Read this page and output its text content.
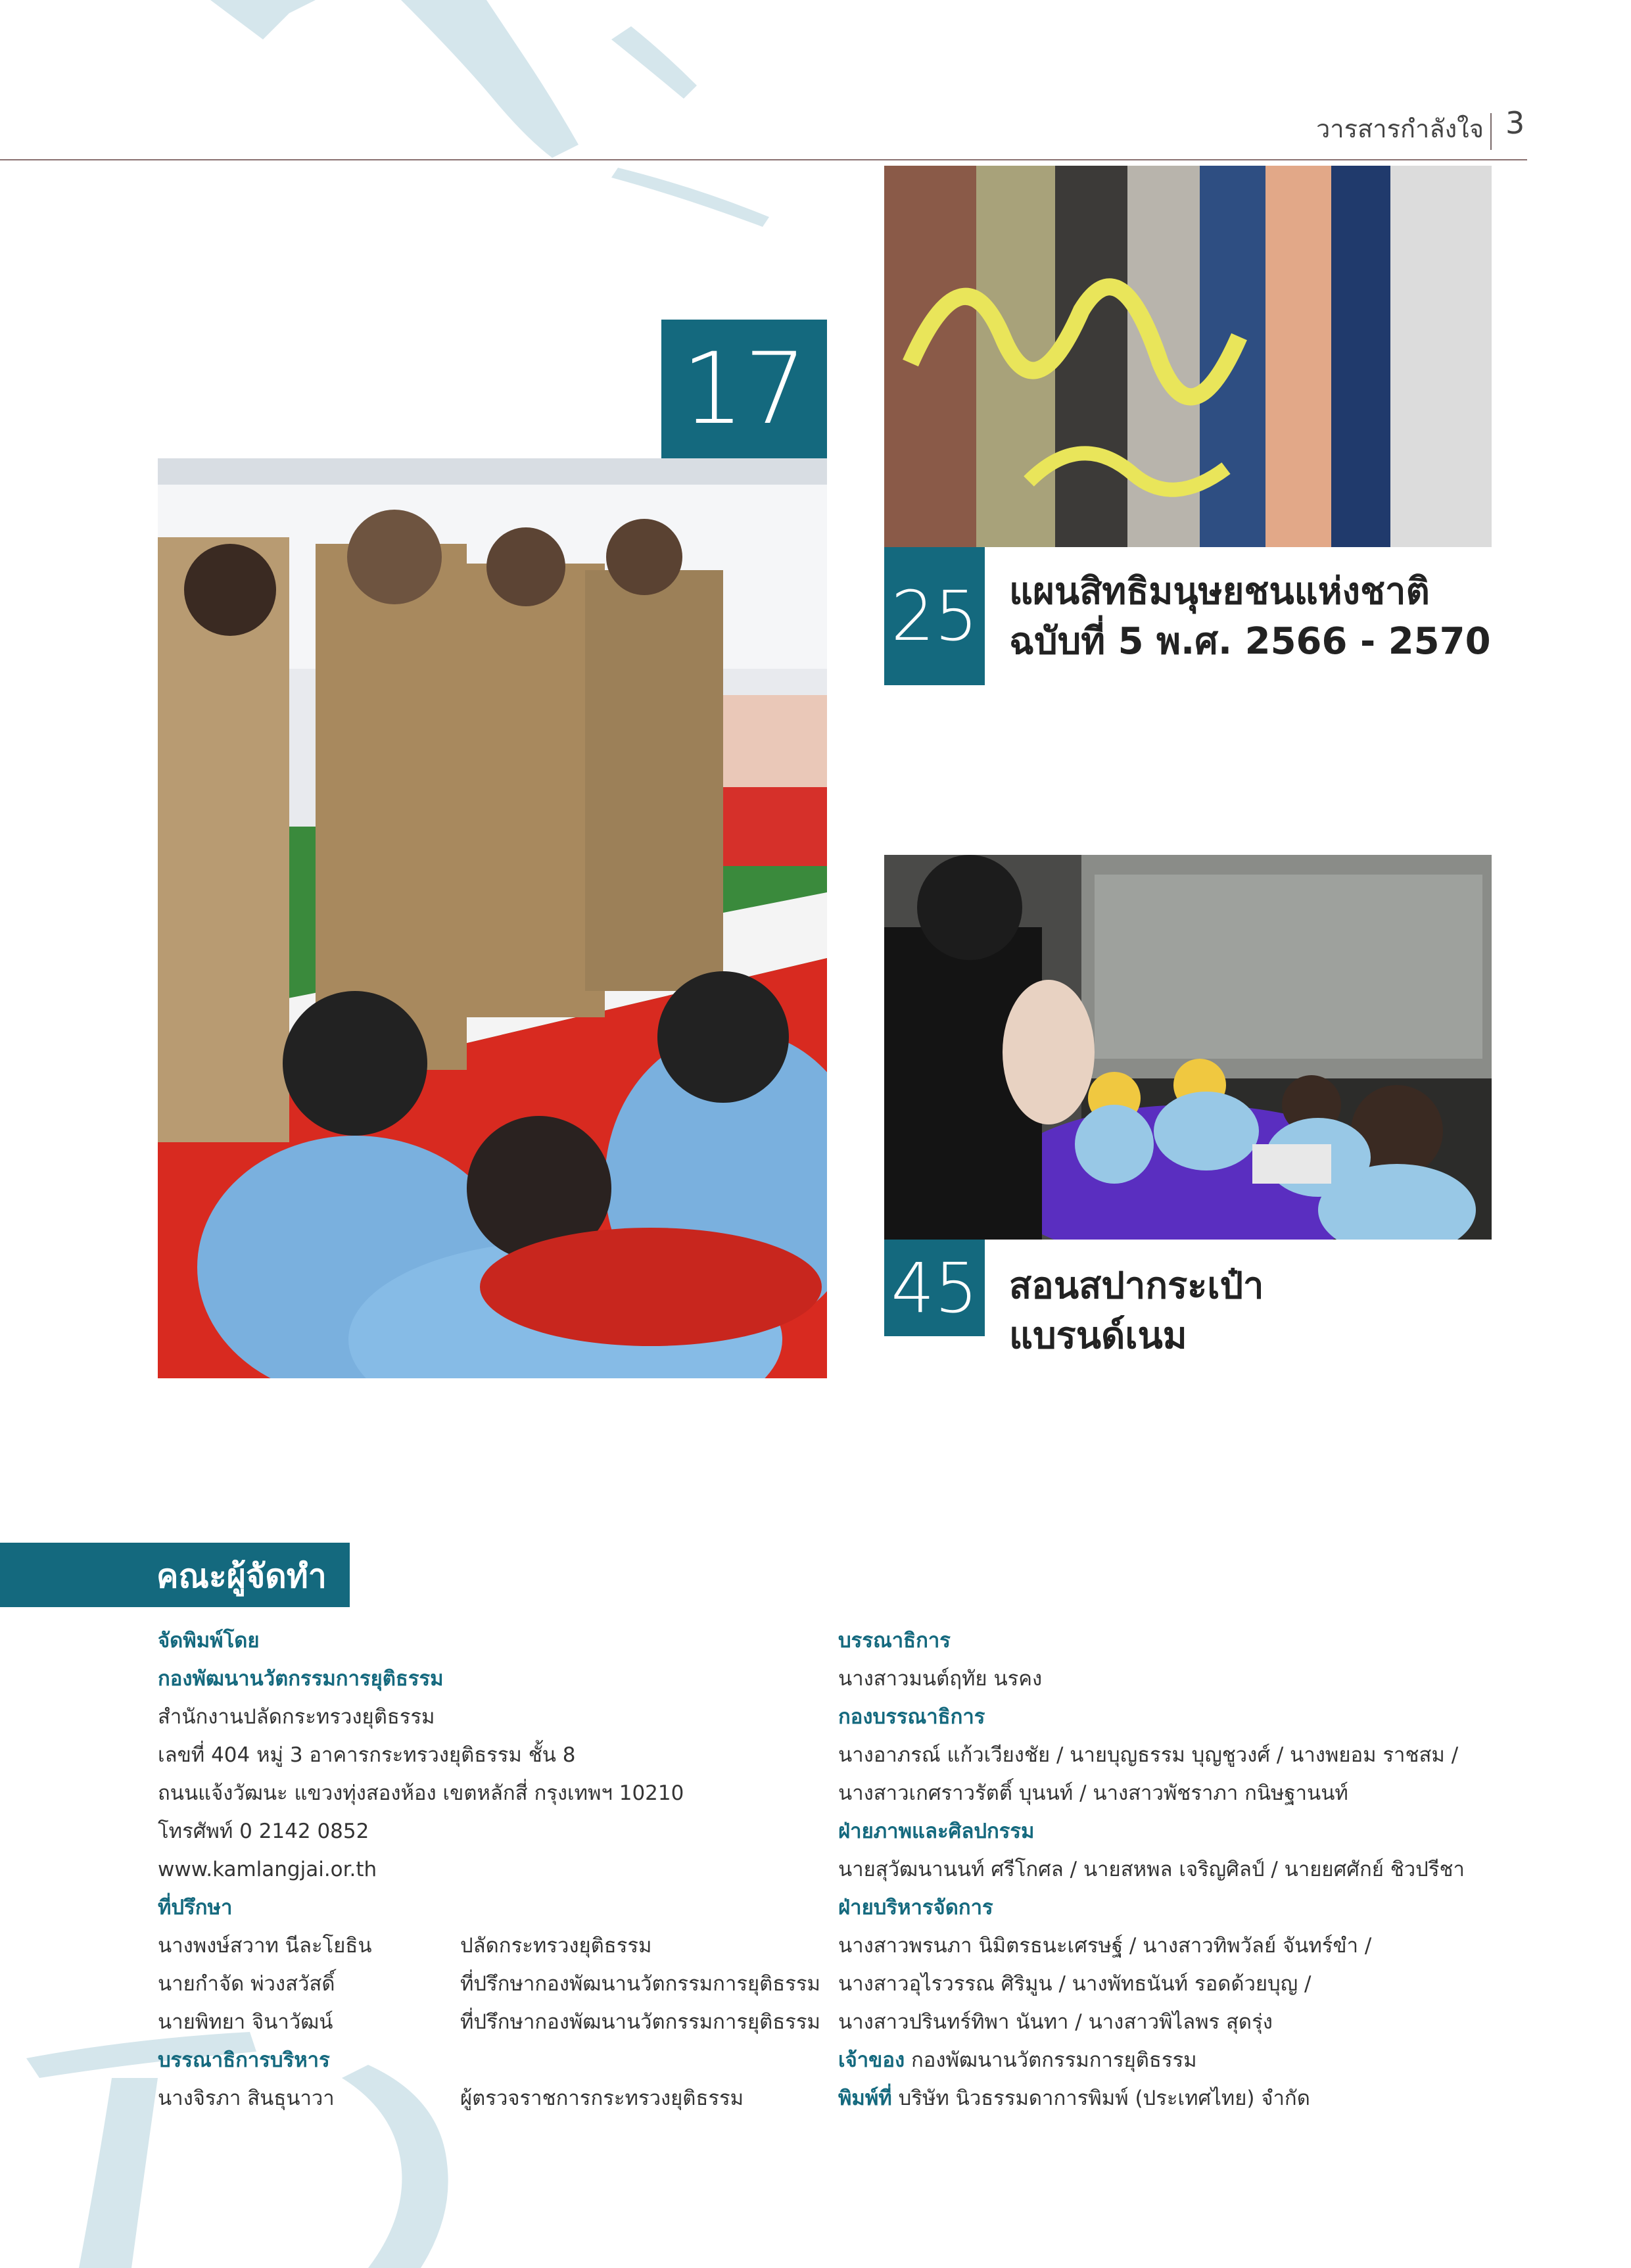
วารสารกำลังใจ 3
17
25 แผนสิทธิมนุษยชนแห่งชาติ
ฉบับที่ 5 พ.ศ. 2566 - 2570
45 สอนสปากระเป๋า
แบรนด์เนม
คณะผู้จัดทำ
จัดพิมพ์โดย
กองพัฒนานวัตกรรมการยุติธรรม
สำนักงานปลัดกระทรวงยุติธรรม
เลขที่ 404 หมู่ 3 อาคารกระทรวงยุติธรรม ชั้น 8
ถนนแจ้งวัฒนะ แขวงทุ่งสองห้อง เขตหลักสี่ กรุงเทพฯ 10210
โทรศัพท์ 0 2142 0852
www.kamlangjai.or.th
ที่ปรึกษา
นางพงษ์สวาท นีละโยธิน	ปลัดกระทรวงยุติธรรม
นายกำจัด พ่วงสวัสดิ์	ที่ปรึกษากองพัฒนานวัตกรรมการยุติธรรม
นายพิทยา จินาวัฒน์	ที่ปรึกษากองพัฒนานวัตกรรมการยุติธรรม
บรรณาธิการบริหาร
นางจิรภา สินธุนาวา	ผู้ตรวจราชการกระทรวงยุติธรรม
บรรณาธิการ
นางสาวมนต์ฤทัย นรคง
กองบรรณาธิการ
นางอาภรณ์ แก้วเวียงชัย / นายบุญธรรม บุญชูวงศ์ / นางพยอม ราชสม /
นางสาวเกศราวรัตติ์ บุนนท์ / นางสาวพัชราภา กนิษฐานนท์
ฝ่ายภาพและศิลปกรรม
นายสุวัฒนานนท์ ศรีโกศล / นายสหพล เจริญศิลป์ / นายยศศักย์ ชิวปรีชา
ฝ่ายบริหารจัดการ
นางสาวพรนภา นิมิตรธนะเศรษฐ์ / นางสาวทิพวัลย์ จันทร์ขำ /
นางสาวอุไรวรรณ ศิริมูน / นางพัทธนันท์ รอดด้วยบุญ /
นางสาวปรินทร์ทิพา นันทา / นางสาวพิไลพร สุดรุ่ง
เจ้าของ กองพัฒนานวัตกรรมการยุติธรรม
พิมพ์ที่ บริษัท นิวธรรมดาการพิมพ์ (ประเทศไทย) จำกัด
